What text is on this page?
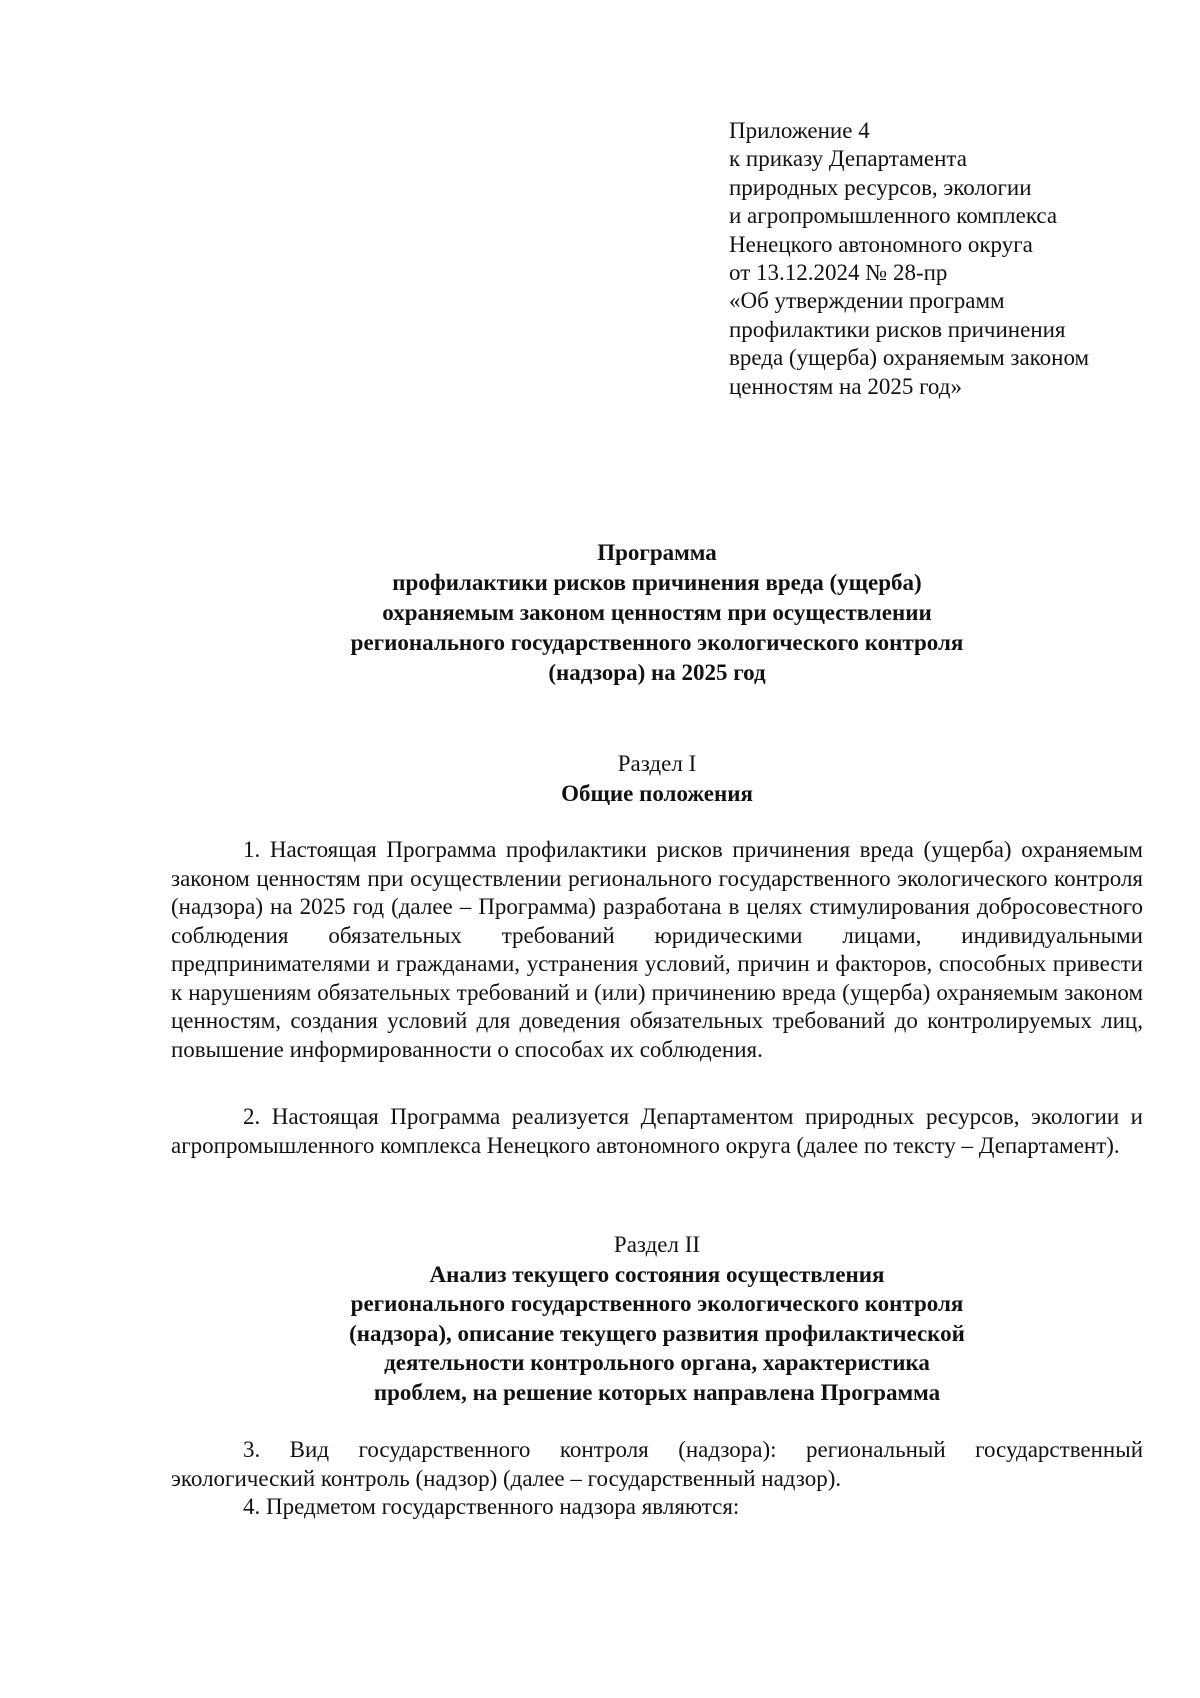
Приложение 4
к приказу Департамента
природных ресурсов, экологии
и агропромышленного комплекса
Ненецкого автономного округа
от 13.12.2024 № 28-пр
«Об утверждении программ
профилактики рисков причинения
вреда (ущерба) охраняемым законом
ценностям на 2025 год»
Программа
профилактики рисков причинения вреда (ущерба)
охраняемым законом ценностям при осуществлении
регионального государственного экологического контроля
(надзора) на 2025 год
Раздел I
Общие положения

1. Настоящая Программа профилактики рисков причинения вреда (ущерба) охраняемым законом ценностям при осуществлении регионального государственного экологического контроля (надзора) на 2025 год (далее – Программа) разработана в целях стимулирования добросовестного соблюдения обязательных требований юридическими лицами, индивидуальными предпринимателями и гражданами, устранения условий, причин и факторов, способных привести к нарушениям обязательных требований и (или) причинению вреда (ущерба) охраняемым законом ценностям, создания условий для доведения обязательных требований до контролируемых лиц, повышение информированности о способах их соблюдения.

2. Настоящая Программа реализуется Департаментом природных ресурсов, экологии и агропромышленного комплекса Ненецкого автономного округа (далее по тексту – Департамент).

Раздел II
Анализ текущего состояния осуществления
регионального государственного экологического контроля
(надзора), описание текущего развития профилактической
деятельности контрольного органа, характеристика
проблем, на решение которых направлена Программа

3. Вид государственного контроля (надзора): региональный государственный экологический контроль (надзор) (далее – государственный надзор).

4. Предметом государственного надзора являются:
